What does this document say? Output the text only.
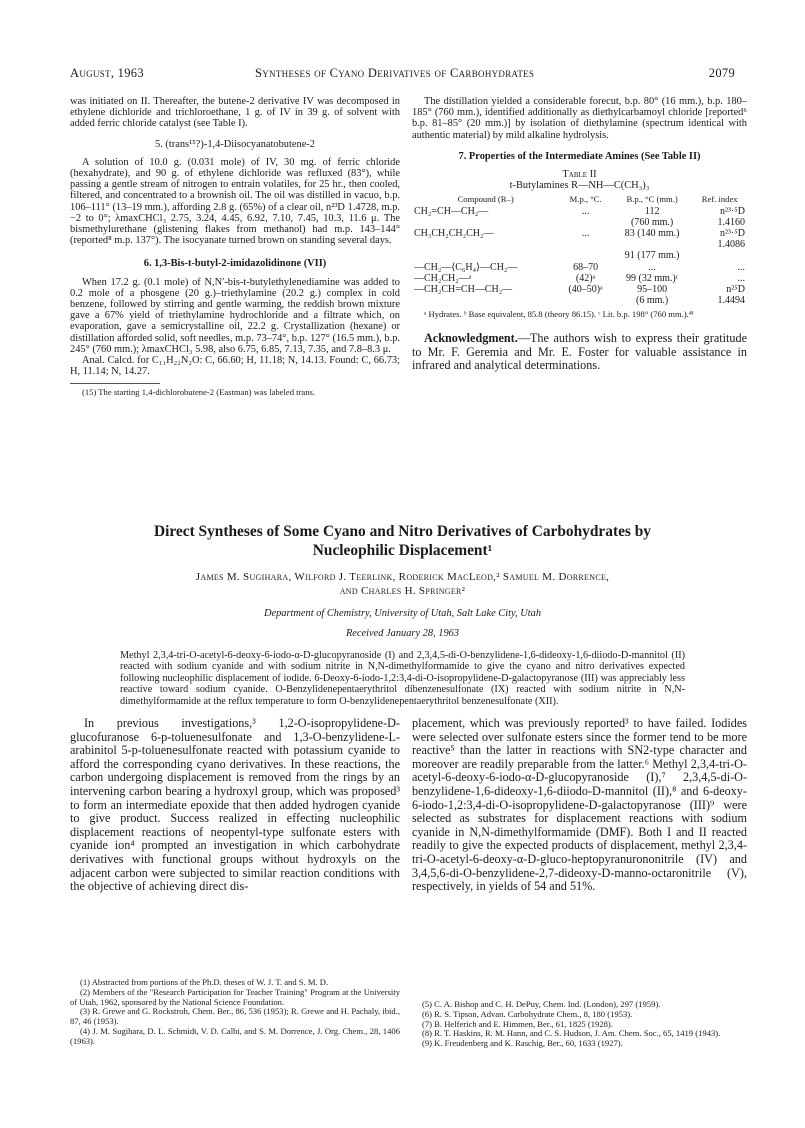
August, 1963	Syntheses of Cyano Derivatives of Carbohydrates	2079

was initiated on II. Thereafter, the butene-2 derivative IV was decomposed in ethylene dichloride and trichloroethane, 1 g. of IV in 39 g. of solvent with added ferric chloride catalyst (see Table I).

5. (trans¹⁵?)-1,4-Diisocyanatobutene-2

A solution of 10.0 g. (0.031 mole) of IV, 30 mg. of ferric chloride (hexahydrate), and 90 g. of ethylene dichloride was refluxed (83°), while passing a gentle stream of nitrogen to entrain volatiles, for 25 hr., then cooled, filtered, and concentrated to a brownish oil. The oil was distilled in vacuo, b.p. 106–111° (13–19 mm.), affording 2.8 g. (65%) of a clear oil, n²³D 1.4728, m.p. −2 to 0°; λmaxCHCl₃ 2.75, 3.24, 4.45, 6.92, 7.10, 7.45, 10.3, 11.6 μ. The bismethylurethane (glistening flakes from methanol) had m.p. 143–144° (reported⁸ m.p. 137°). The isocyanate turned brown on standing several days.

6. 1,3-Bis-t-butyl-2-imidazolidinone (VII)

When 17.2 g. (0.1 mole) of N,N′-bis-t-butylethylenediamine was added to 0.2 mole of a phosgene (20 g.)–triethylamine (20.2 g.) complex in cold benzene, followed by stirring and gentle warming, the reddish brown mixture gave a 67% yield of triethylamine hydrochloride and a filtrate which, on evaporation, gave a semicrystalline oil, 22.2 g. Crystallization (hexane) or distillation afforded solid, soft needles, m.p. 73–74°, b.p. 127° (16.5 mm.), b.p. 245° (760 mm.); λmaxCHCl₃ 5.98, also 6.75, 6.85, 7.13, 7.35, and 7.8–8.3 μ.

Anal. Calcd. for C₁₁H₂₂N₂O: C, 66.60; H, 11.18; N, 14.13. Found: C, 66.73; H, 11.14; N, 14.27.

(15) The starting 1,4-dichlorobutene-2 (Eastman) was labeled trans.

The distillation yielded a considerable forecut, b.p. 80° (16 mm.), b.p. 180–185° (760 mm.), identified additionally as diethylcarbamoyl chloride [reported⁶ b.p. 81–85° (20 mm.)] by isolation of diethylamine (spectrum identical with authentic material) by mild alkaline hydrolysis.

7. Properties of the Intermediate Amines (See Table II)
Table II
t-Butylamines R—NH—C(CH₃)₃
Compound (R–)	M.p., °C.	B.p., °C (mm.)	Ref. index
CH₂=CH—CH₂—	...	112	n²³·⁵D
		(760 mm.)	1.4160
CH₃CH₂CH₂CH₂—	...	83 (140 mm.)	n²³·⁵D
			1.4086
		91 (177 mm.)	
—CH₂—⟨C₆H₄⟩—CH₂—	68–70	...	...
—CH₂CH₂—ᵃ	(42)ᵃ	99 (32 mm.)ᶜ	...
—CH₂CH=CH—CH₂—	(40–50)ᵃ	95–100	n²⁵D
		(6 mm.)	1.4494

ᵃ Hydrates. ᵇ Base equivalent, 85.8 (theory 86.15). ᶜ Lit. b.p. 198° (760 mm.).⁴ᶠ

Acknowledgment.—The authors wish to express their gratitude to Mr. F. Geremia and Mr. E. Foster for valuable assistance in infrared and analytical determinations.

Direct Syntheses of Some Cyano and Nitro Derivatives of Carbohydrates by
Nucleophilic Displacement¹
James M. Sugihara, Wilford J. Teerlink, Roderick MacLeod,² Samuel M. Dorrence,
and Charles H. Springer²
Department of Chemistry, University of Utah, Salt Lake City, Utah
Received January 28, 1963
Methyl 2,3,4-tri-O-acetyl-6-deoxy-6-iodo-α-D-glucopyranoside (I) and 2,3,4,5-di-O-benzylidene-1,6-dideoxy-1,6-diiodo-D-mannitol (II) reacted with sodium cyanide and with sodium nitrite in N,N-dimethylformamide to give the cyano and nitro derivatives expected following nucleophilic displacement of iodide. 6-Deoxy-6-iodo-1,2:3,4-di-O-isopropylidene-D-galactopyranose (III) was appreciably less reactive toward sodium cyanide. O-Benzylidenepentaerythritol dibenzenesulfonate (IX) reacted with sodium nitrite in N,N-dimethylformamide at the reflux temperature to form O-benzylidenepentaerythritol benzenesulfonate (XII).
In previous investigations,³ 1,2-O-isopropylidene-D-glucofuranose 6-p-toluenesulfonate and 1,3-O-benzylidene-L-arabinitol 5-p-toluenesulfonate reacted with potassium cyanide to afford the corresponding cyano derivatives. In these reactions, the carbon undergoing displacement is removed from the rings by an intervening carbon bearing a hydroxyl group, which was proposed³ to form an intermediate epoxide that then added hydrogen cyanide to give product. Success realized in effecting nucleophilic displacement reactions of neopentyl-type sulfonate esters with cyanide ion⁴ prompted an investigation in which carbohydrate derivatives with functional groups without hydroxyls on the adjacent carbon were subjected to similar reaction conditions with the objective of achieving direct dis-
placement, which was previously reported³ to have failed. Iodides were selected over sulfonate esters since the former tend to be more reactive⁵ than the latter in reactions with SN2-type character and moreover are readily preparable from the latter.⁶ Methyl 2,3,4-tri-O-acetyl-6-deoxy-6-iodo-α-D-glucopyranoside (I),⁷ 2,3,4,5-di-O-benzylidene-1,6-dideoxy-1,6-diiodo-D-mannitol (II),⁸ and 6-deoxy-6-iodo-1,2:3,4-di-O-isopropylidene-D-galactopyranose (III)⁹ were selected as substrates for displacement reactions with sodium cyanide in N,N-dimethylformamide (DMF). Both I and II reacted readily to give the expected products of displacement, methyl 2,3,4-tri-O-acetyl-6-deoxy-α-D-gluco-heptopyranurononitrile (IV) and 3,4,5,6-di-O-benzylidene-2,7-dideoxy-D-manno-octaronitrile (V), respectively, in yields of 54 and 51%.
(1) Abstracted from portions of the Ph.D. theses of W. J. T. and S. M. D.
(2) Members of the "Research Participation for Teacher Training" Program at the University of Utah, 1962, sponsored by the National Science Foundation.
(3) R. Grewe and G. Rockstroh, Chem. Ber., 86, 536 (1953); R. Grewe and H. Pachaly, ibid., 87, 46 (1953).
(4) J. M. Sugihara, D. L. Schmidt, V. D. Calbi, and S. M. Dorrence, J. Org. Chem., 28, 1406 (1963).
(5) C. A. Bishop and C. H. DePuy, Chem. Ind. (London), 297 (1959).
(6) R. S. Tipson, Advan. Carbohydrate Chem., 8, 180 (1953).
(7) B. Helferich and E. Himmen, Ber., 61, 1825 (1928).
(8) R. T. Haskins, R. M. Hann, and C. S. Hudson, J. Am. Chem. Soc., 65, 1419 (1943).
(9) K. Freudenberg and K. Raschig, Ber., 60, 1633 (1927).
